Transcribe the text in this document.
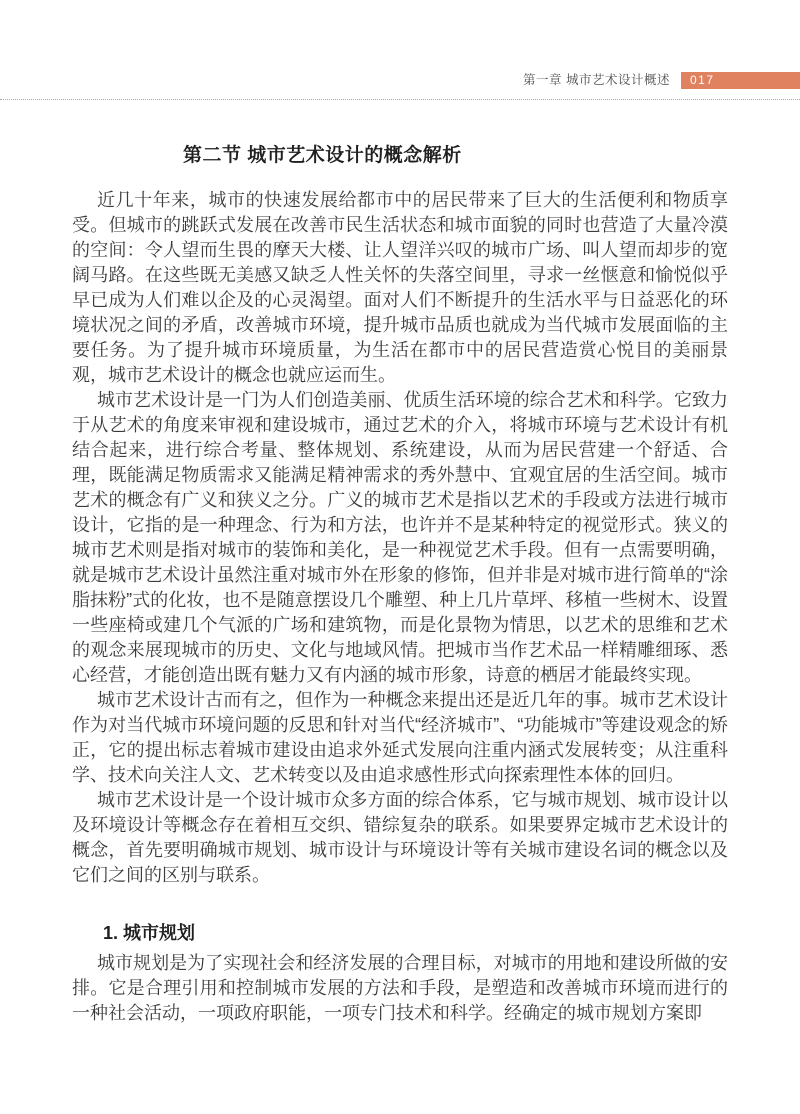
第一章 城市艺术设计概述	017
第二节 城市艺术设计的概念解析

近几十年来，城市的快速发展给都市中的居民带来了巨大的生活便利和物质享受。但城市的跳跃式发展在改善市民生活状态和城市面貌的同时也营造了大量冷漠的空间：令人望而生畏的摩天大楼、让人望洋兴叹的城市广场、叫人望而却步的宽阔马路。在这些既无美感又缺乏人性关怀的失落空间里，寻求一丝惬意和愉悦似乎早已成为人们难以企及的心灵渴望。面对人们不断提升的生活水平与日益恶化的环境状况之间的矛盾，改善城市环境，提升城市品质也就成为当代城市发展面临的主要任务。为了提升城市环境质量，为生活在都市中的居民营造赏心悦目的美丽景观，城市艺术设计的概念也就应运而生。

城市艺术设计是一门为人们创造美丽、优质生活环境的综合艺术和科学。它致力于从艺术的角度来审视和建设城市，通过艺术的介入，将城市环境与艺术设计有机结合起来，进行综合考量、整体规划、系统建设，从而为居民营建一个舒适、合理，既能满足物质需求又能满足精神需求的秀外慧中、宜观宜居的生活空间。城市艺术的概念有广义和狭义之分。广义的城市艺术是指以艺术的手段或方法进行城市设计，它指的是一种理念、行为和方法，也许并不是某种特定的视觉形式。狭义的城市艺术则是指对城市的装饰和美化，是一种视觉艺术手段。但有一点需要明确，就是城市艺术设计虽然注重对城市外在形象的修饰，但并非是对城市进行简单的“涂脂抹粉”式的化妆，也不是随意摆设几个雕塑、种上几片草坪、移植一些树木、设置一些座椅或建几个气派的广场和建筑物，而是化景物为情思，以艺术的思维和艺术的观念来展现城市的历史、文化与地域风情。把城市当作艺术品一样精雕细琢、悉心经营，才能创造出既有魅力又有内涵的城市形象，诗意的栖居才能最终实现。

城市艺术设计古而有之，但作为一种概念来提出还是近几年的事。城市艺术设计作为对当代城市环境问题的反思和针对当代“经济城市”、“功能城市”等建设观念的矫正，它的提出标志着城市建设由追求外延式发展向注重内涵式发展转变；从注重科学、技术向关注人文、艺术转变以及由追求感性形式向探索理性本体的回归。

城市艺术设计是一个设计城市众多方面的综合体系，它与城市规划、城市设计以及环境设计等概念存在着相互交织、错综复杂的联系。如果要界定城市艺术设计的概念，首先要明确城市规划、城市设计与环境设计等有关城市建设名词的概念以及它们之间的区别与联系。

1. 城市规划

城市规划是为了实现社会和经济发展的合理目标，对城市的用地和建设所做的安排。它是合理引用和控制城市发展的方法和手段，是塑造和改善城市环境而进行的一种社会活动，一项政府职能，一项专门技术和科学。经确定的城市规划方案即
